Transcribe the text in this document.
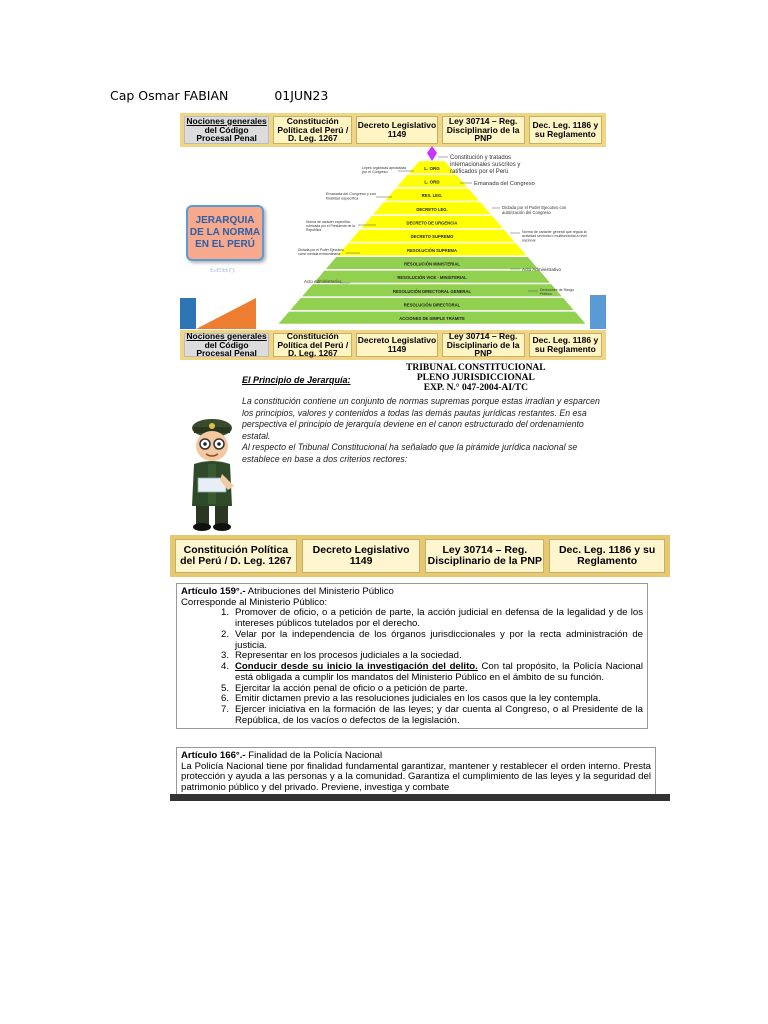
Cap Osmar FABIAN	01JUN23
Nociones generales
del Código
Procesal Penal
Constitución Política del Perú / D. Leg. 1267
Decreto Legislativo 1149
Ley 30714 – Reg. Disciplinario de la PNP
Dec. Leg. 1186 y su Reglamento
L. ORG
L. ORD
RES. LEG.
DECRETO LEG.
DECRETO DE URGENCIA
DECRETO SUPREMO
RESOLUCIÓN SUPREMA
RESOLUCIÓN MINISTERIAL
RESOLUCIÓN VICE - MINISTERIAL
RESOLUCIÓN DIRECTORAL GENERAL
RESOLUCIÓN DIRECTORAL
ACCIONES DE SIMPLE TRÁMITE
Constitución y tratados internacionales suscritos y ratificados por el Perú
Emanada del Congreso
Dictada por el Poder Ejecutivo con autorización del Congreso
Norma de carácter general que regula la actividad sectorial o multisectorial a nivel nacional
Acto Administrativo
Decisiones de Rango Público
Leyes orgánicas aprobadas por el Congreso
Emanada del Congreso y con finalidad específica
Norma de carácter específico rubricada por el Presidente de la República
Dictada por el Poder Ejecutivo como medida extraordinaria
Acto Administrativo
JERARQUIA DE LA NORMA EN EL PERÚ
PERÚ
Nociones generales
del Código
Procesal Penal
Constitución Política del Perú / D. Leg. 1267
Decreto Legislativo 1149
Ley 30714 – Reg. Disciplinario de la PNP
Dec. Leg. 1186 y su Reglamento
TRIBUNAL CONSTITUCIONAL
PLENO JURISDICCIONAL
EXP. N.° 047-2004-AI/TC
El Principio de Jerarquía:

La constitución contiene un conjunto de normas supremas porque estas irradian y esparcen los principios, valores y contenidos a todas las demás pautas jurídicas restantes. En esa perspectiva el principio de jerarquía deviene en el canon estructurado del ordenamiento estatal.

Al respecto el Tribunal Constitucional ha señalado que la pirámide jurídica nacional se establece en base a dos criterios rectores:

Constitución Política del Perú / D. Leg. 1267
Decreto Legislativo 1149
Ley 30714 – Reg. Disciplinario de la PNP
Dec. Leg. 1186 y su Reglamento
Artículo 159°.- Atribuciones del Ministerio Público
Corresponde al Ministerio Público:
1. Promover de oficio, o a petición de parte, la acción judicial en defensa de la legalidad y de los intereses públicos tutelados por el derecho.
2. Velar por la independencia de los órganos jurisdiccionales y por la recta administración de justicia.
3. Representar en los procesos judiciales a la sociedad.
4. Conducir desde su inicio la investigación del delito. Con tal propósito, la Policía Nacional está obligada a cumplir los mandatos del Ministerio Público en el ámbito de su función.
5. Ejercitar la acción penal de oficio o a petición de parte.
6. Emitir dictamen previo a las resoluciones judiciales en los casos que la ley contempla.
7. Ejercer iniciativa en la formación de las leyes; y dar cuenta al Congreso, o al Presidente de la República, de los vacíos o defectos de la legislación.
Artículo 166°.- Finalidad de la Policía Nacional
La Policía Nacional tiene por finalidad fundamental garantizar, mantener y restablecer el orden interno. Presta protección y ayuda a las personas y a la comunidad. Garantiza el cumplimiento de las leyes y la seguridad del patrimonio público y del privado. Previene, investiga y combate
